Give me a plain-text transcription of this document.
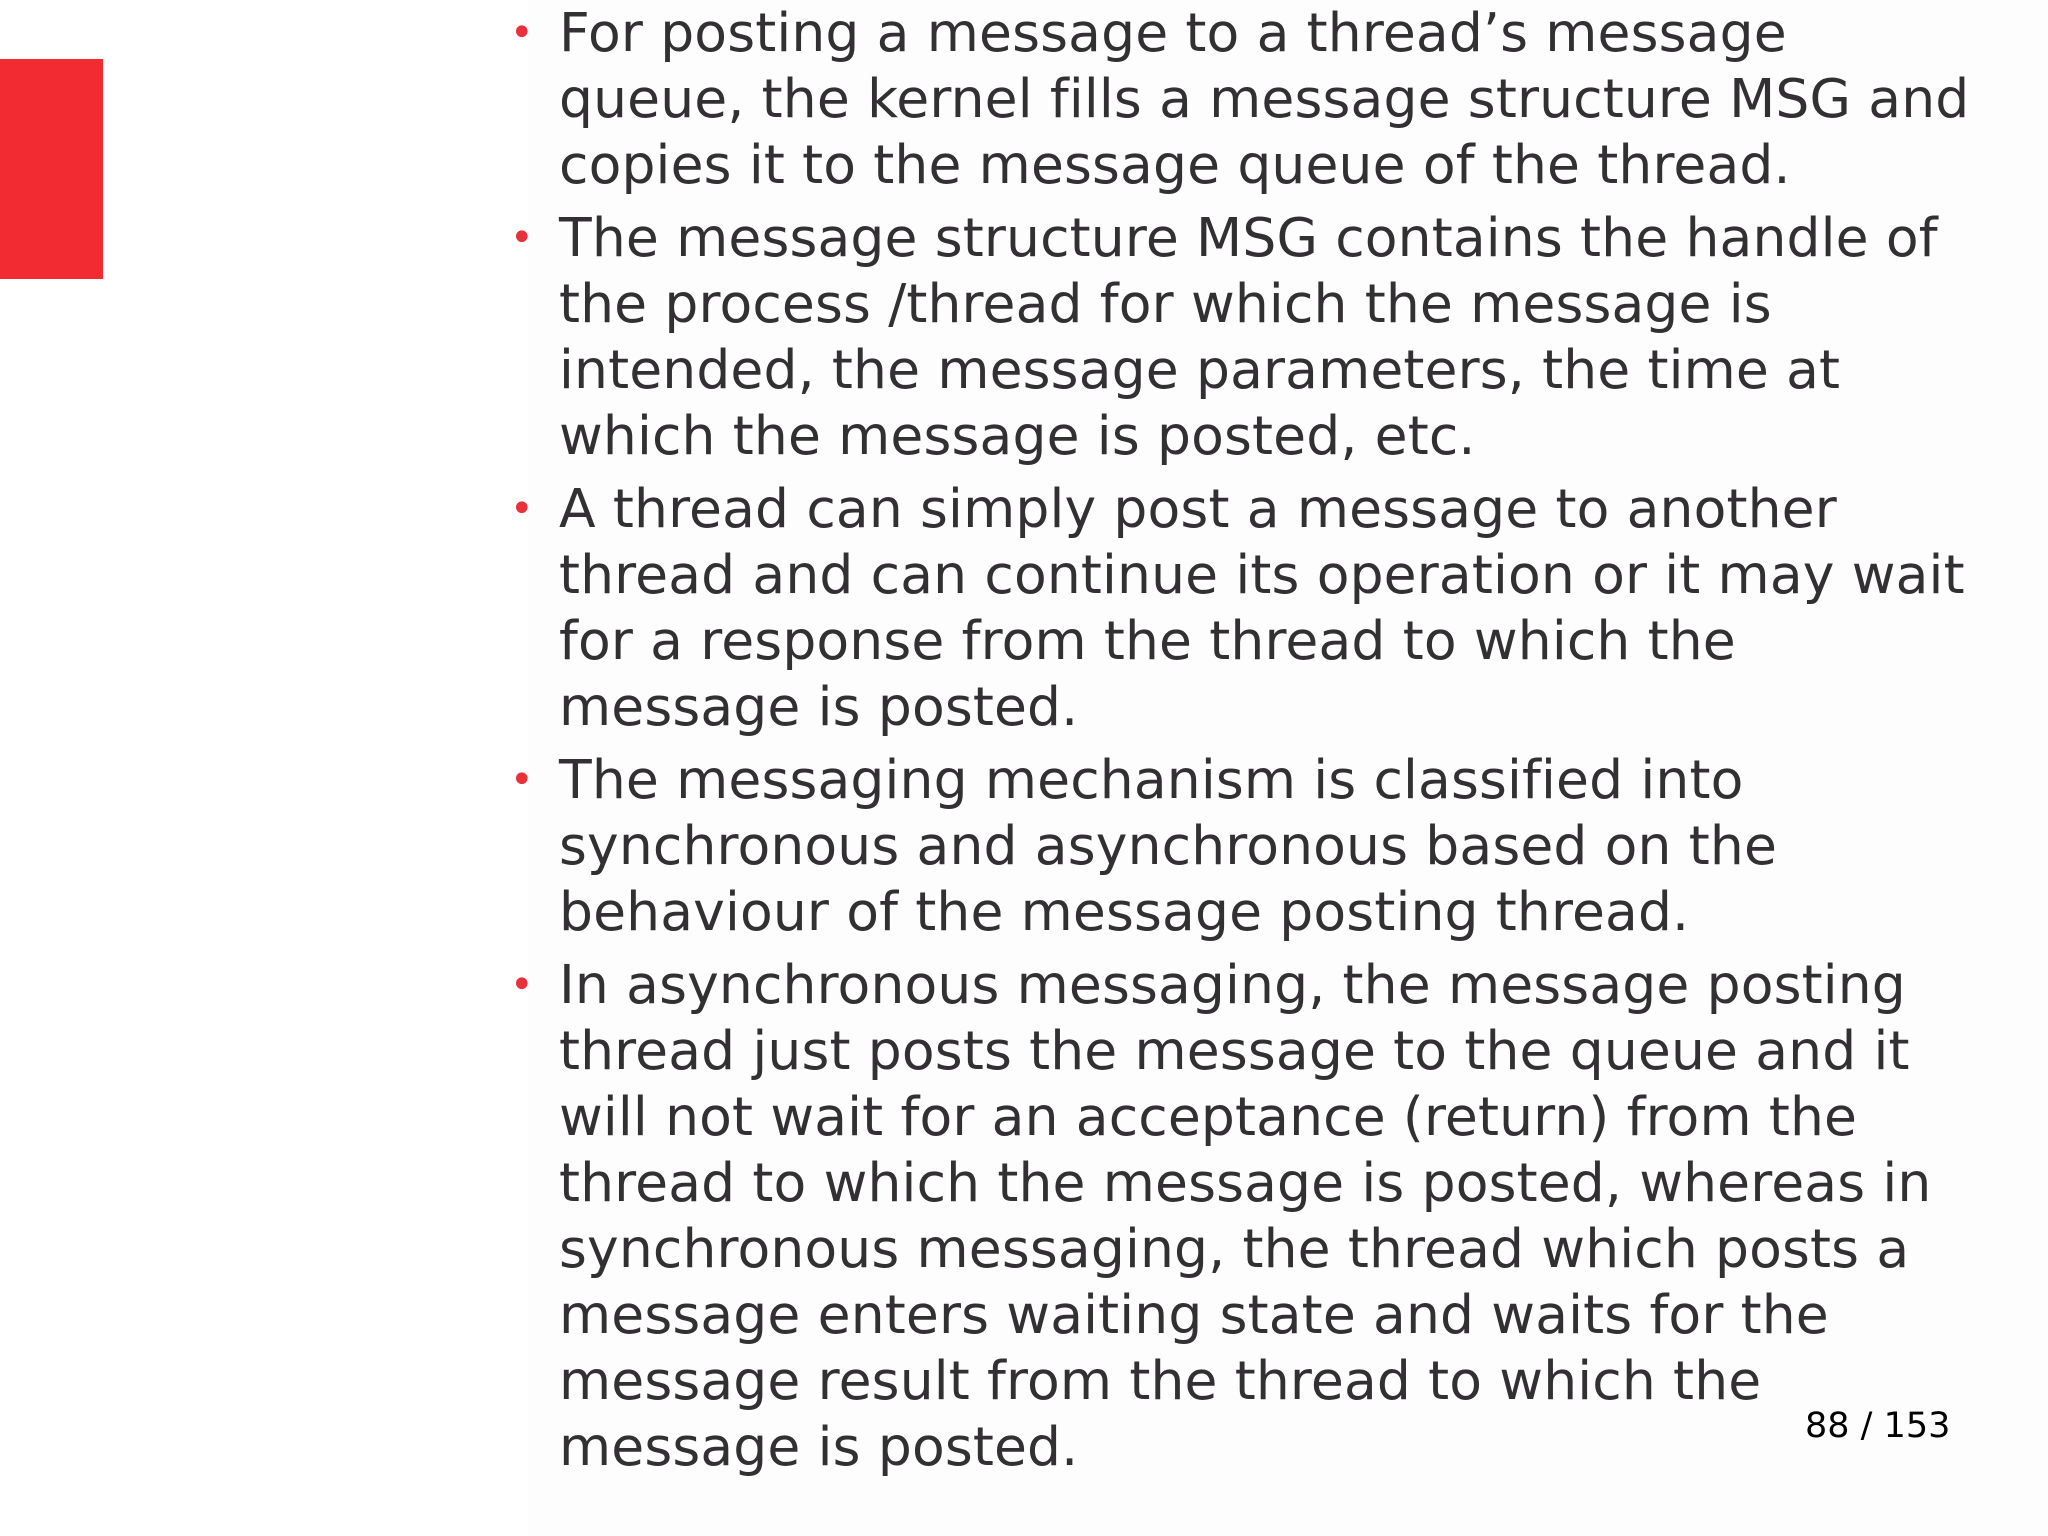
• For posting a message to a thread’s message
queue, the kernel fills a message structure MSG and
copies it to the message queue of the thread.
• The message structure MSG contains the handle of
the process /thread for which the message is
intended, the message parameters, the time at
which the message is posted, etc.
• A thread can simply post a message to another
thread and can continue its operation or it may wait
for a response from the thread to which the
message is posted.
• The messaging mechanism is classified into
synchronous and asynchronous based on the
behaviour of the message posting thread.
• In asynchronous messaging, the message posting
thread just posts the message to the queue and it
will not wait for an acceptance (return) from the
thread to which the message is posted, whereas in
synchronous messaging, the thread which posts a
message enters waiting state and waits for the
message result from the thread to which the
message is posted.	88 / 153
